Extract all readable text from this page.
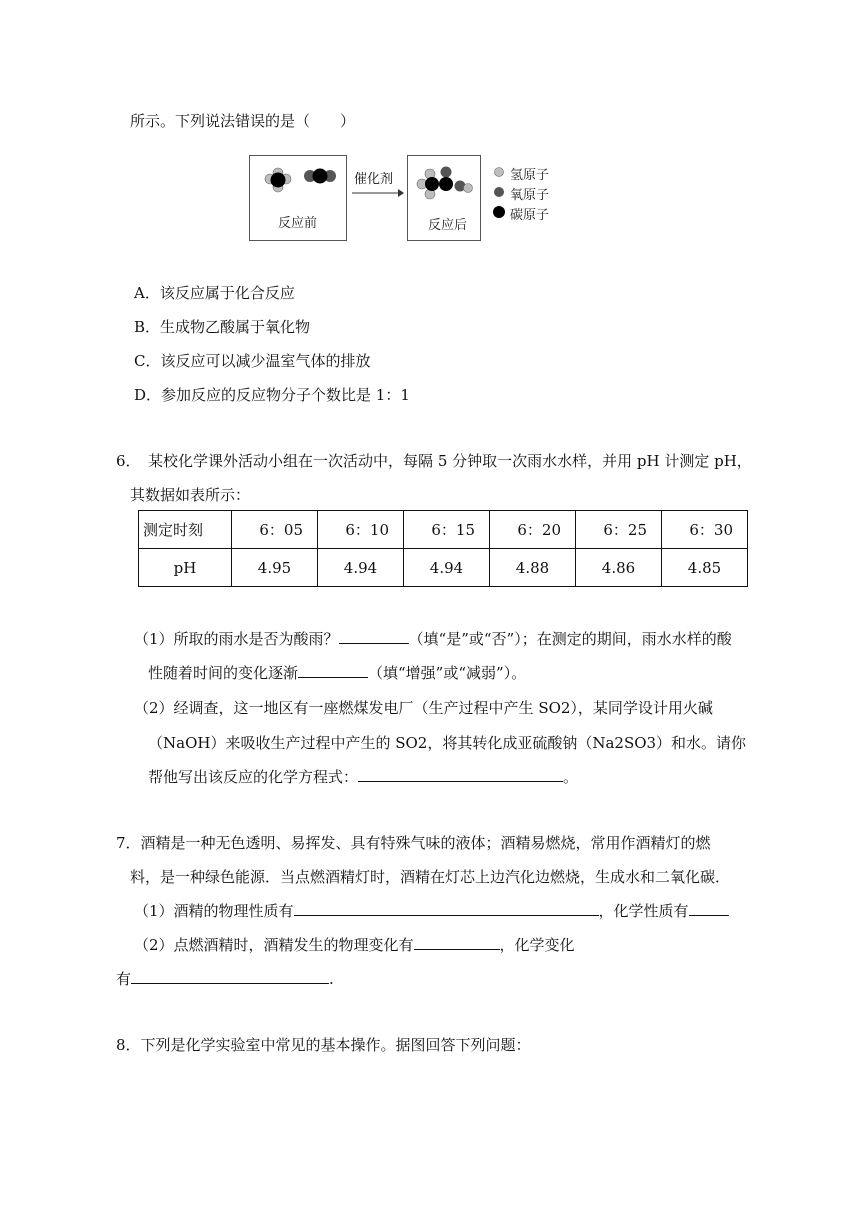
所示。下列说法错误的是（　　）
反应前
催化剂
反应后
氢原子
氧原子
碳原子
A．该反应属于化合反应
B．生成物乙酸属于氧化物
C．该反应可以减少温室气体的排放
D．参加反应的反应物分子个数比是 1：1
6．　某校化学课外活动小组在一次活动中，每隔 5 分钟取一次雨水水样，并用 pH 计测定 pH，
其数据如表所示：
测定时刻	6：05	6：10	6：15	6：20	6：25	6：30
pH	4.95	4.94	4.94	4.88	4.86	4.85
（1）所取的雨水是否为酸雨？	（填“是”或“否”）；在测定的期间，雨水水样的酸
性随着时间的变化逐渐	（填“增强”或“减弱”）。
（2）经调查，这一地区有一座燃煤发电厂（生产过程中产生 SO2），某同学设计用火碱
（NaOH）来吸收生产过程中产生的 SO2，将其转化成亚硫酸钠（Na2SO3）和水。请你
帮他写出该反应的化学方程式：	。
7．酒精是一种无色透明、易挥发、具有特殊气味的液体；酒精易燃烧，常用作酒精灯的燃
料，是一种绿色能源．当点燃酒精灯时，酒精在灯芯上边汽化边燃烧，生成水和二氧化碳．
（1）酒精的物理性质有	，化学性质有
（2）点燃酒精时，酒精发生的物理变化有	，化学变化
有	.
8．下列是化学实验室中常见的基本操作。据图回答下列问题：
